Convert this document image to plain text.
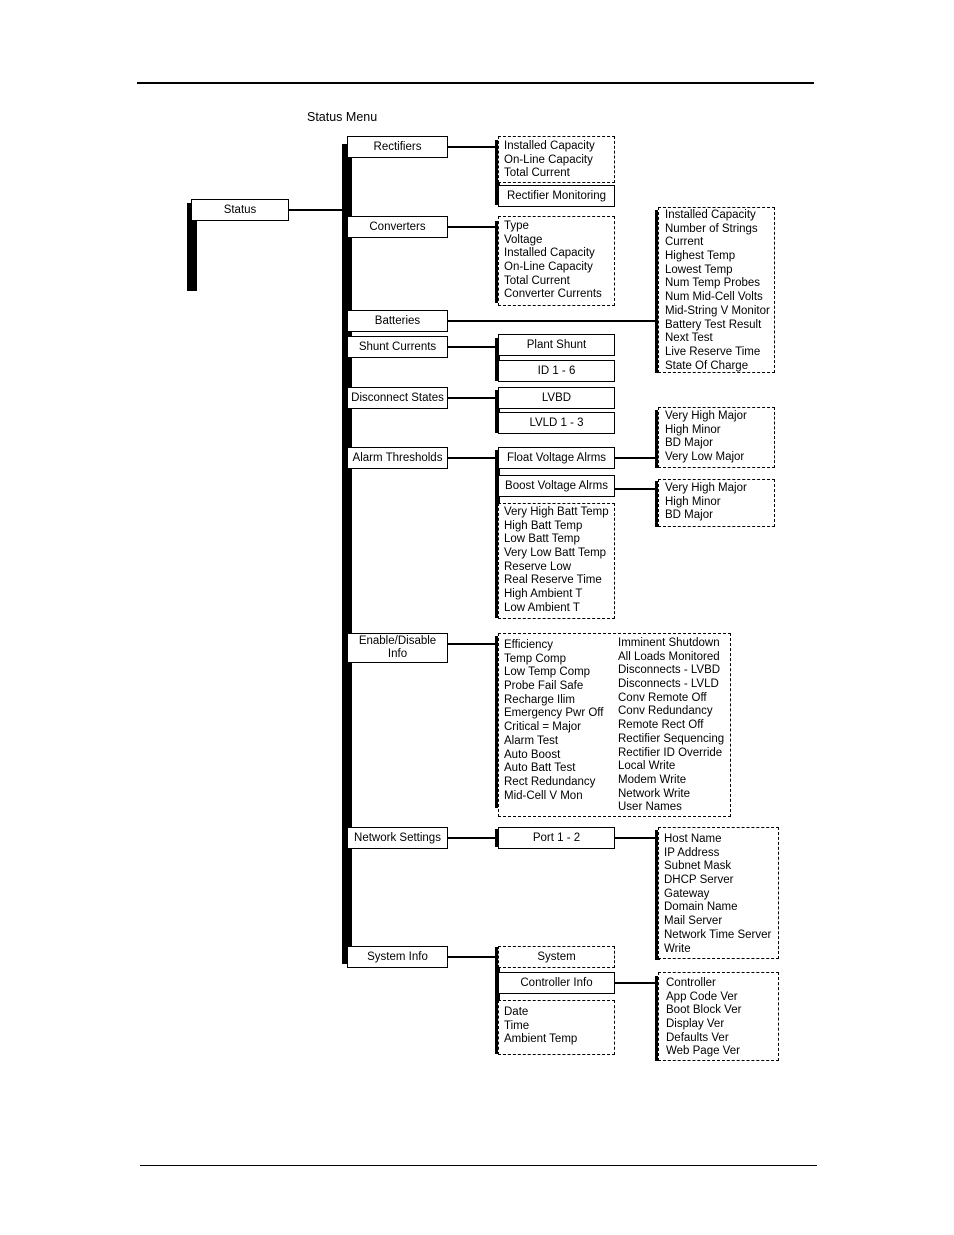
Status Menu
Status
Rectifiers
Converters
Batteries
Shunt Currents
Disconnect States
Alarm Thresholds
Enable/Disable Info
Network Settings
System Info
Installed Capacity
On-Line Capacity
Total Current
Rectifier Monitoring
Type
Voltage
Installed Capacity
On-Line Capacity
Total Current
Converter Currents
Installed Capacity
Number of Strings
Current
Highest Temp
Lowest Temp
Num Temp Probes
Num Mid-Cell Volts
Mid-String V Monitor
Battery Test Result
Next Test
Live Reserve Time
State Of Charge
Plant Shunt
ID 1 - 6
LVBD
LVLD 1 - 3
Float Voltage Alrms
Boost Voltage Alrms
Very High Major
High Minor
BD Major
Very Low Major
Very High Major
High Minor
BD Major
Very High Batt Temp
High Batt Temp
Low Batt Temp
Very Low Batt Temp
Reserve Low
Real Reserve Time
High Ambient T
Low Ambient T
Efficiency
Temp Comp
Low Temp Comp
Probe Fail Safe
Recharge Ilim
Emergency Pwr Off
Critical = Major
Alarm Test
Auto Boost
Auto Batt Test
Rect Redundancy
Mid-Cell V Mon
Imminent Shutdown
All Loads Monitored
Disconnects - LVBD
Disconnects - LVLD
Conv Remote Off
Conv Redundancy
Remote Rect Off
Rectifier Sequencing
Rectifier ID Override
Local Write
Modem Write
Network Write
User Names
Port 1 - 2	Host Name
IP Address
Subnet Mask
DHCP Server
Gateway
Domain Name
Mail Server
Network Time Server
Write
System
Controller Info	Controller
App Code Ver
Boot Block Ver
Display Ver
Defaults Ver
Web Page Ver
Date
Time
Ambient Temp
